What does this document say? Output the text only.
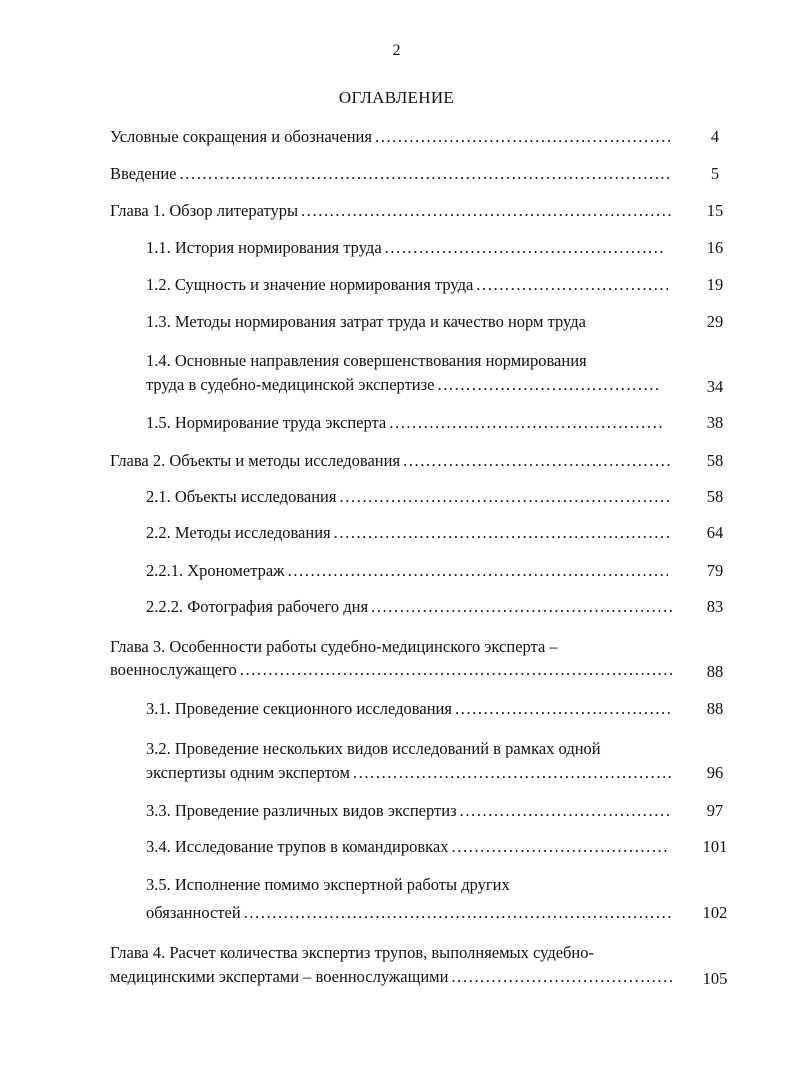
2
ОГЛАВЛЕНИЕ
Условные сокращения и обозначения .....	4
Введение .....	5
Глава 1. Обзор литературы .....	15
1.1. История нормирования труда .....	16
1.2. Сущность и значение нормирования труда .....	19
1.3. Методы нормирования затрат труда и качество норм труда	29
1.4. Основные направления совершенствования нормирования
труда в судебно-медицинской экспертизе .....	34
1.5. Нормирование труда эксперта .....	38
Глава 2. Объекты и методы исследования .....	58
2.1. Объекты исследования .....	58
2.2. Методы исследования .....	64
2.2.1. Хронометраж .....	79
2.2.2. Фотография рабочего дня .....	83
Глава 3. Особенности работы судебно-медицинского эксперта –
военнослужащего .....	88
3.1. Проведение секционного исследования .....	88
3.2. Проведение нескольких видов исследований в рамках одной
экспертизы одним экспертом .....	96
3.3. Проведение различных видов экспертиз .....	97
3.4. Исследование трупов в командировках .....	101
3.5. Исполнение помимо экспертной работы других
обязанностей .....	102
Глава 4. Расчет количества экспертиз трупов, выполняемых судебно-
медицинскими экспертами – военнослужащими .....	105
